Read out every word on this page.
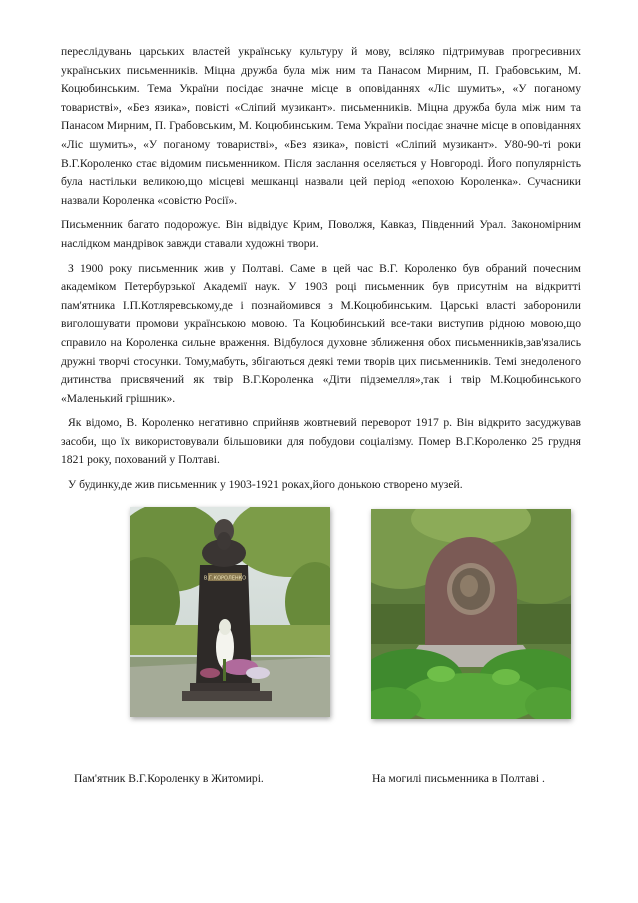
переслідувань царських властей українську культуру й мову, всіляко підтримував прогресивних українських письменників. Міцна дружба була між ним та Панасом Мирним, П. Грабовським, М. Коцюбинським. Тема України посідає значне місце в оповіданнях «Ліс шумить», «У поганому товаристві», «Без язика», повісті «Сліпий музикант». письменників. Міцна дружба була між ним та Панасом Мирним, П. Грабовським, М. Коцюбинським. Тема України посідає значне місце в оповіданнях «Ліс шумить», «У поганому товаристві», «Без язика», повісті «Сліпий музикант». У80-90-ті роки В.Г.Короленко стає відомим письменником. Після заслання оселяється у Новгороді. Його популярність була настільки великою,що місцеві мешканці назвали цей період «епохою Короленка». Сучасники назвали Короленка «совістю Росії».

Письменник багато подорожує. Він відвідує Крим, Поволжя, Кавказ, Південний Урал. Закономірним наслідком мандрівок завжди ставали художні твори.

З 1900 року письменник жив у Полтаві. Саме в цей час В.Г. Короленко був обраний почесним академіком Петербурзької Академії наук. У 1903 році письменник був присутнім на відкритті пам'ятника І.П.Котляревському,де і познайомився з М.Коцюбинським. Царські власті заборонили виголошувати промови українською мовою. Та Коцюбинський все-таки виступив рідною мовою,що справило на Короленка сильне враження. Відбулося духовне зближення обох письменників,зав'язались дружні творчі стосунки. Тому,мабуть, збігаються деякі теми творів цих письменників. Темі знедоленого дитинства присвячений як твір В.Г.Короленка «Діти підземелля»,так і твір М.Коцюбинського «Маленький грішник».

Як відомо, В. Короленко негативно сприйняв жовтневий переворот 1917 р. Він відкрито засуджував засоби, що їх використовували більшовики для побудови соціалізму. Помер В.Г.Короленко 25 грудня 1821 року, похований у Полтаві.

У будинку,де жив письменник у 1903-1921 роках,його донькою створено музей.

В.Г.КОРОЛЕНКО
Пам'ятник В.Г.Короленку в Житомирі.	На могилі письменника в Полтаві .
